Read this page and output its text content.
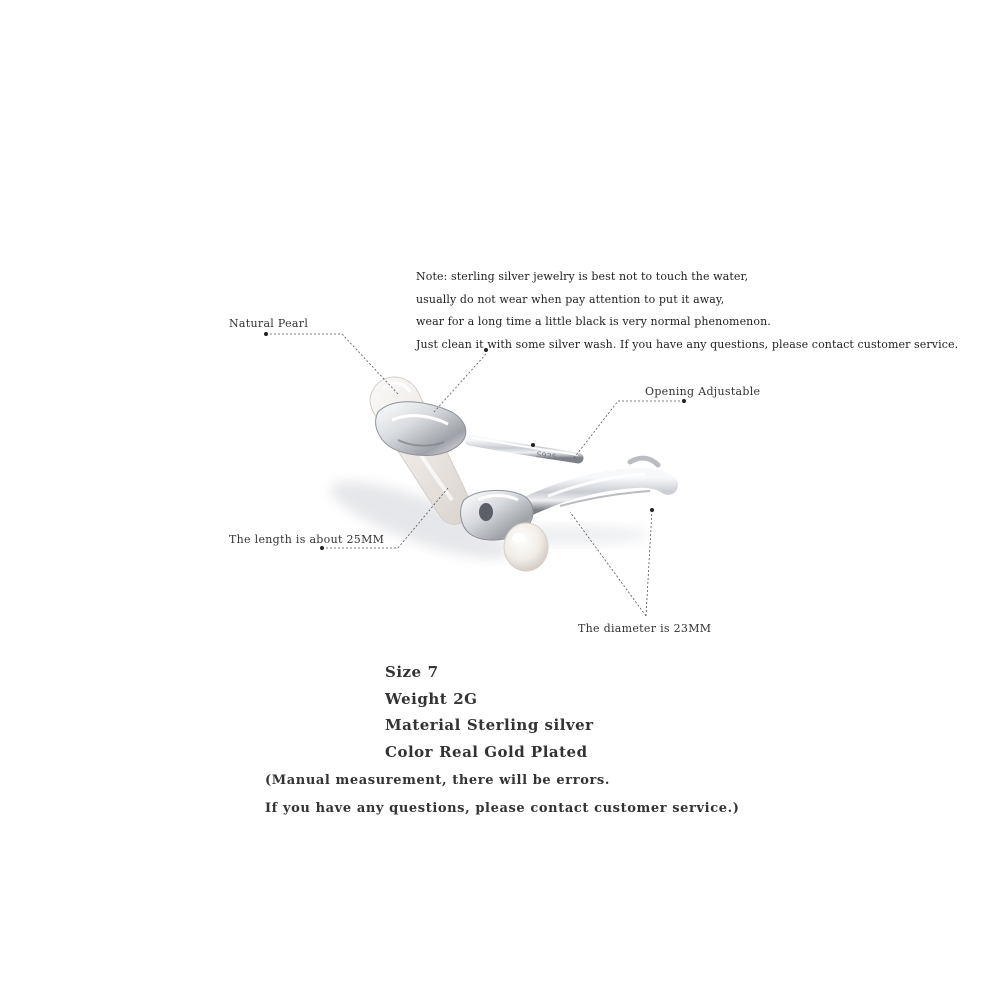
S925
Note: sterling silver jewelry is best not to touch the water,
usually do not wear when pay attention to put it away,
wear for a long time a little black is very normal phenomenon.
Just clean it with some silver wash. If you have any questions, please contact customer service.
Natural Pearl
Opening Adjustable
The length is about 25MM
The diameter is 23MM
Size 7
Weight 2G
Material Sterling silver
Color Real Gold Plated
(Manual measurement, there will be errors.
If you have any questions, please contact customer service.)
